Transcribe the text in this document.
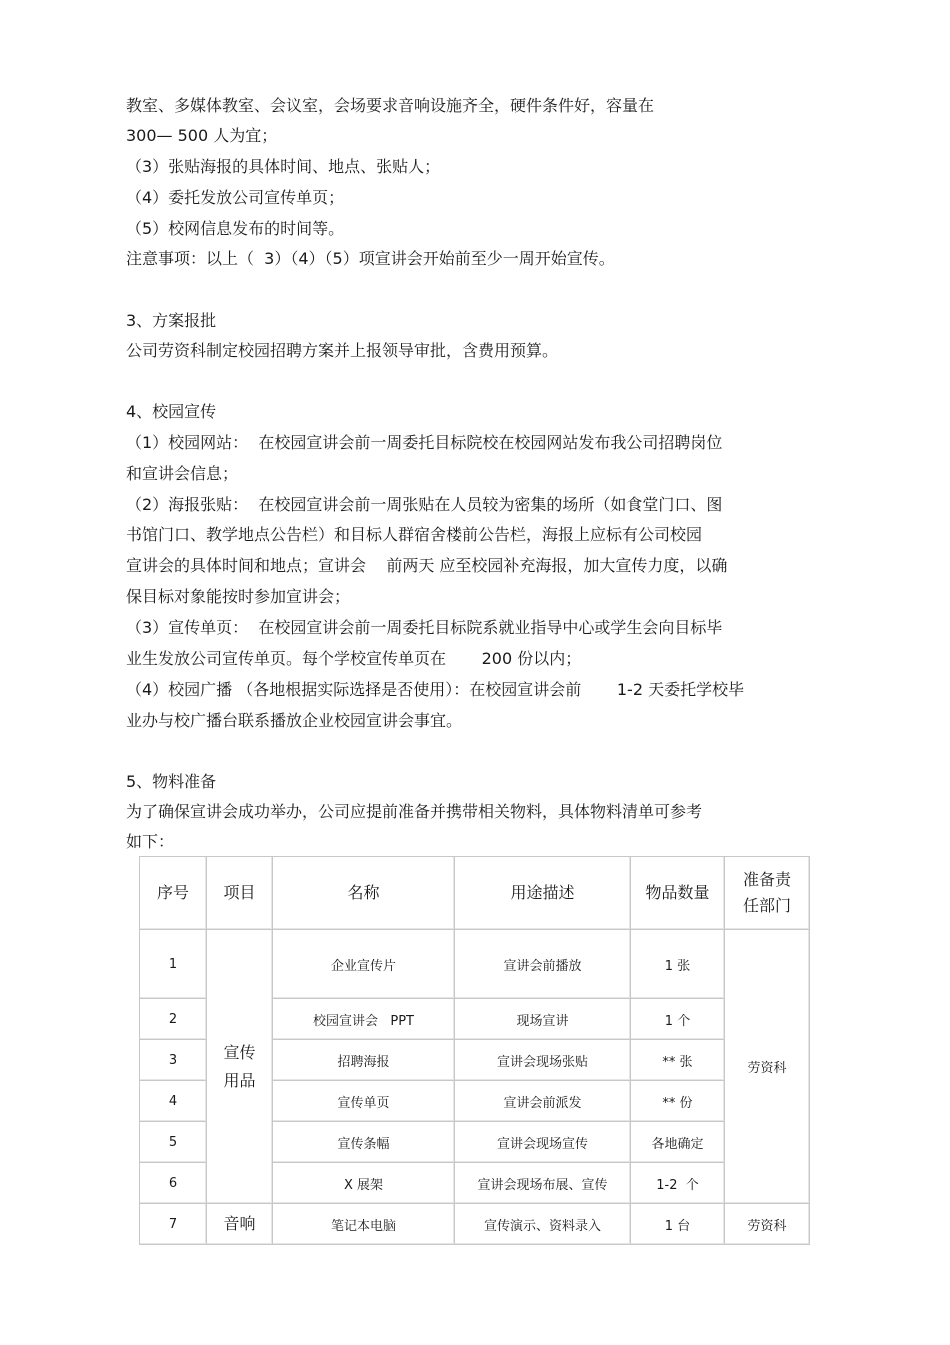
教室、多媒体教室、会议室，会场要求音响设施齐全，硬件条件好，容量在
300— 500 人为宜；
（3）张贴海报的具体时间、地点、张贴人；
（4）委托发放公司宣传单页；
（5）校网信息发布的时间等。
注意事项：以上（  3）（4）（5）项宣讲会开始前至少一周开始宣传。
3、方案报批
公司劳资科制定校园招聘方案并上报领导审批，含费用预算。
4、校园宣传
（1）校园网站：  在校园宣讲会前一周委托目标院校在校园网站发布我公司招聘岗位
和宣讲会信息；
（2）海报张贴：  在校园宣讲会前一周张贴在人员较为密集的场所（如食堂门口、图
书馆门口、教学地点公告栏）和目标人群宿舍楼前公告栏，海报上应标有公司校园
宣讲会的具体时间和地点；宣讲会    前两天 应至校园补充海报，加大宣传力度，以确
保目标对象能按时参加宣讲会；
（3）宣传单页：  在校园宣讲会前一周委托目标院系就业指导中心或学生会向目标毕
业生发放公司宣传单页。每个学校宣传单页在       200 份以内；
（4）校园广播 （各地根据实际选择是否使用）：在校园宣讲会前       1-2 天委托学校毕
业办与校广播台联系播放企业校园宣讲会事宜。
5、物料准备
为了确保宣讲会成功举办，公司应提前准备并携带相关物料，具体物料清单可参考
如下：
序号	项目	名称	用途描述	物品数量	准备责
任部门
1	宣传
用品	企业宣传片	宣讲会前播放	1 张	劳资科
2		校园宣讲会   PPT	现场宣讲	1 个	
3		招聘海报	宣讲会现场张贴	** 张	
4		宣传单页	宣讲会前派发	** 份	
5		宣传条幅	宣讲会现场宣传	各地确定	
6		X 展架	宣讲会现场布展、宣传	1-2  个	
7	音响	笔记本电脑	宣传演示、资料录入	1 台	劳资科
